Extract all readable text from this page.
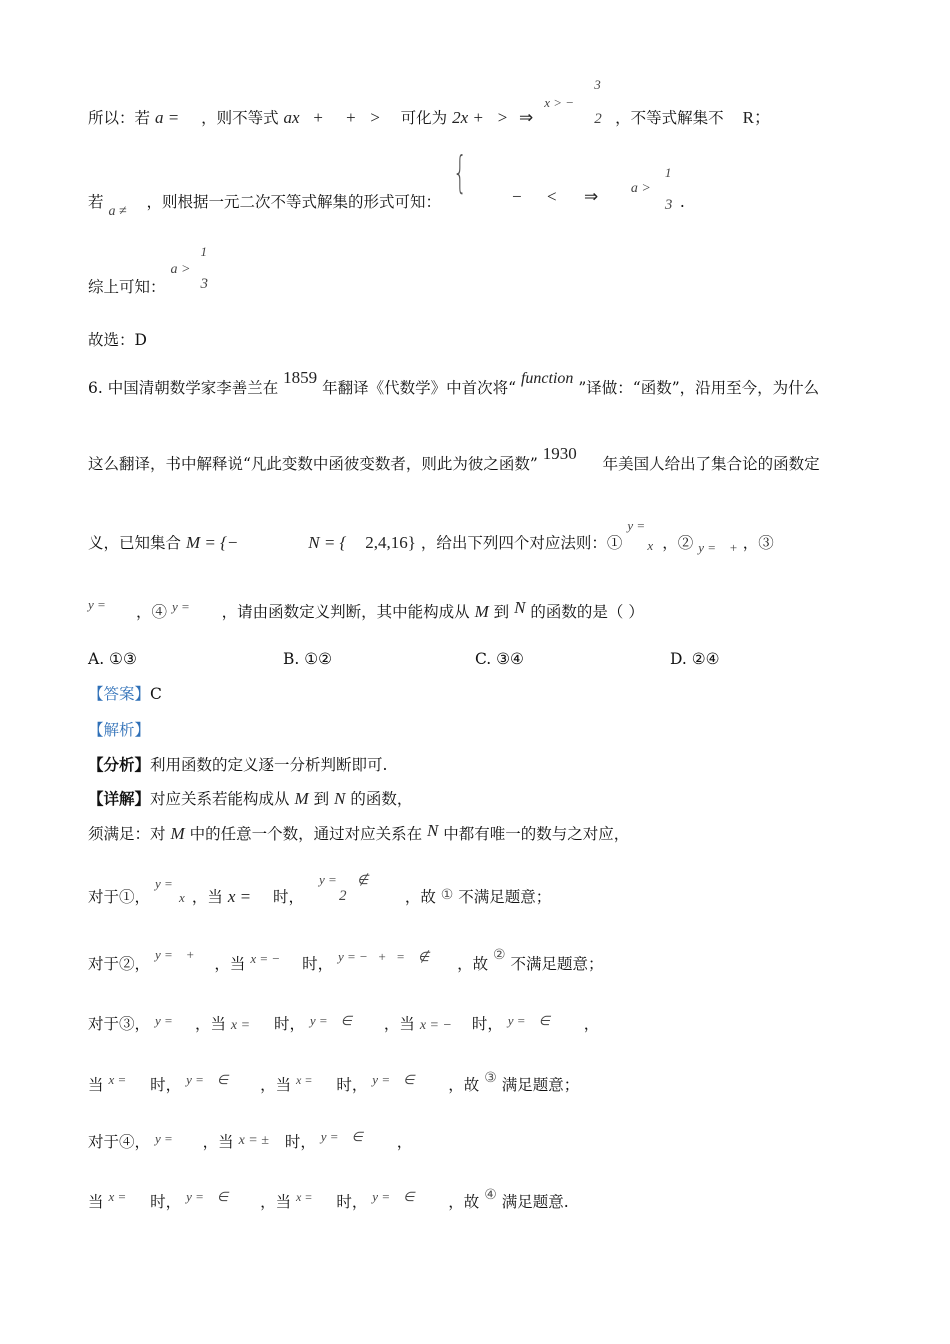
所以：若 a = ，则不等式 ax   +     +   > 可化为 2x +   > ⇒
x > −
3
2 ，不等式解集不 R；
若 a ≠  ，则根据一元二次不等式解集的形式可知：
{	−      < ⇒
a >
1
3 .
综上可知：
a >
1
3
故选：D
6. 中国清朝数学家李善兰在 1859 年翻译《代数学》中首次将“ function ”译做：“函数”，沿用至今，为什么
这么翻译，书中解释说“凡此变数中函彼变数者，则此为彼之函数” 1930  年美国人给出了集合论的函数定
义，已知集合 M = {−	N = { 2,4,16} ，给出下列四个对应法则：①
y =
x ，② $_{y = +}$ ，③
$^{y =}$  ，④ $^{y =}$ ，请由函数定义判断，其中能构成从 M 到 N 的函数的是（ ）
A. ①③	B. ①②	C. ③④	D. ②④
【答案】C
【解析】
【分析】利用函数的定义逐一分析判断即可.
【详解】对应关系若能构成从 M 到 N 的函数，
须满足：对 M 中的任意一个数，通过对应关系在 N 中都有唯一的数与之对应，
对于①，
y =
x ，当 x = 时，
y =
2
∉
，故 ① 不满足题意；
对于②， $^{y = +}$  ，当 $^{x = -}$ 时， $^{y = - + = \notin}$ ，故 ② 不满足题意；
对于③， $^{y =}$  ，当 x = 时， $^{y = \in}$ ，当 x = − 时， $^{y = \in}$ ，
当 $^{x =}$ 时， $^{y = \in}$ ，当 $^{x =}$ 时， $^{y = \in}$ ，故 ③ 满足题意；
对于④， $^{y =}$ ，当 x = ± 时， $^{y = \in}$ ，
当 $^{x =}$ 时， $^{y = \in}$ ，当 $^{x =}$ 时， $^{y = \in}$ ，故 ④ 满足题意.
